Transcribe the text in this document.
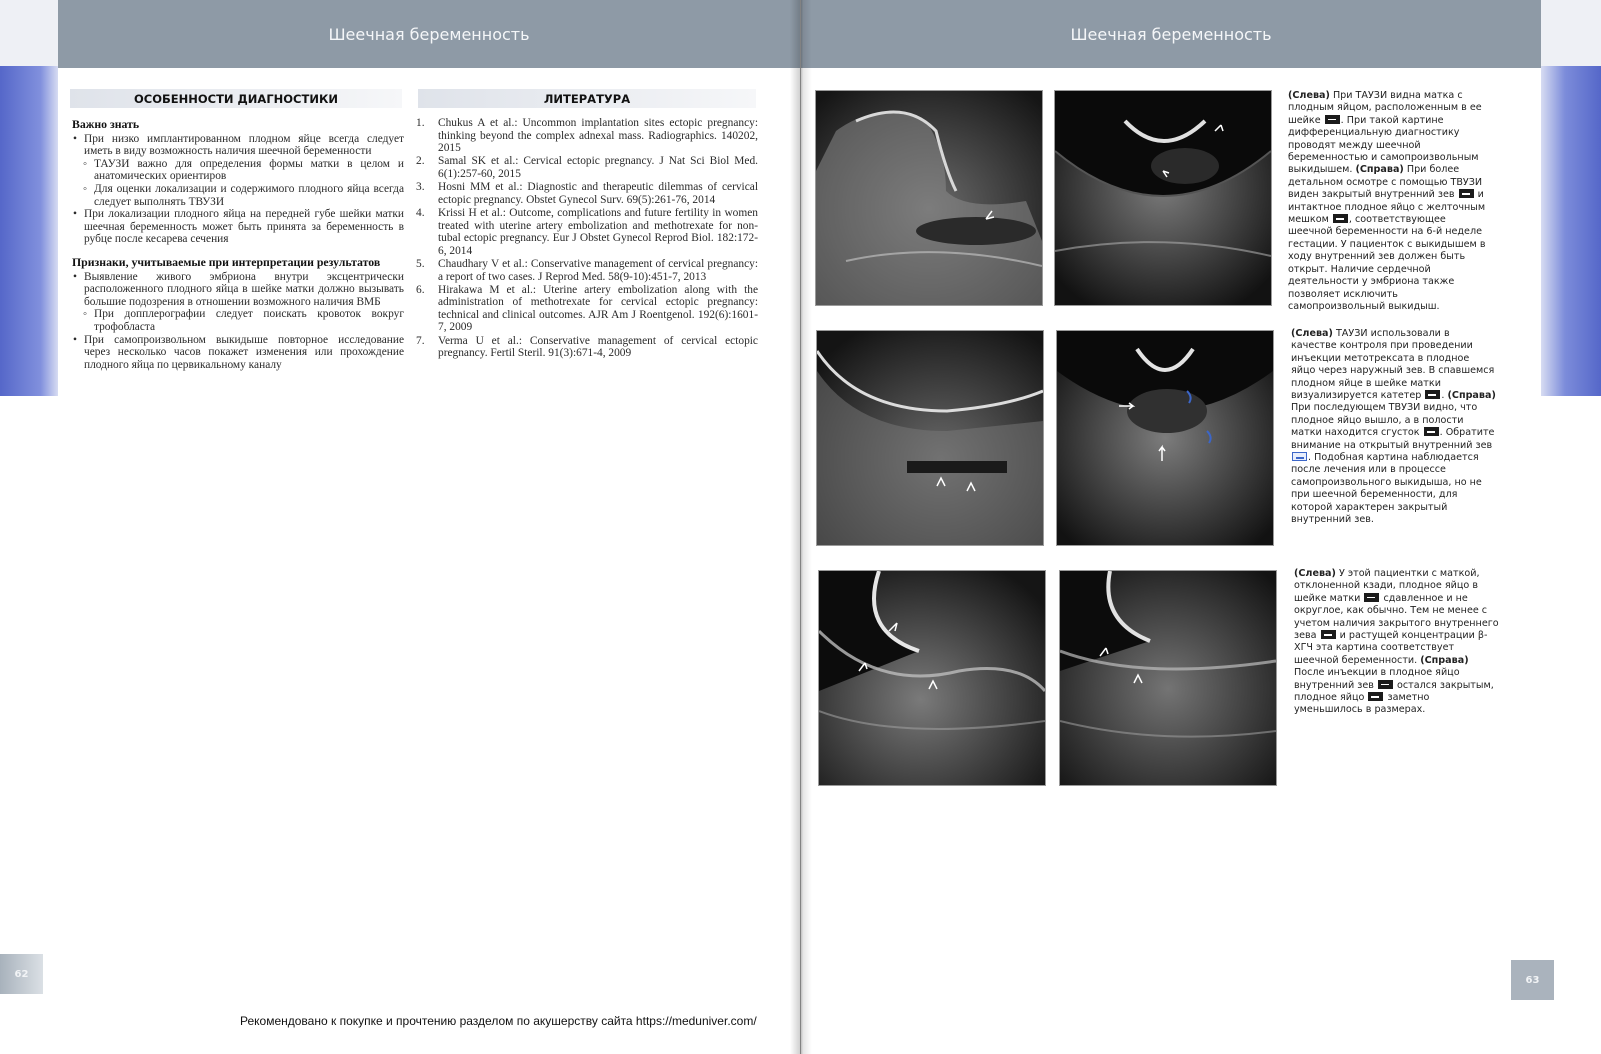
Шеечная беременность
ОСОБЕННОСТИ ДИАГНОСТИКИ	ЛИТЕРАТУРА
Важно знать

• При низко имплантированном плодном яйце всегда следует иметь в виду возможность наличия шеечной беременности

◦ ТАУЗИ важно для определения формы матки в целом и анатомических ориентиров

◦ Для оценки локализации и содержимого плодного яйца всегда следует выполнять ТВУЗИ

• При локализации плодного яйца на передней губе шейки матки шеечная беременность может быть принята за беременность в рубце после кесарева сечения

Признаки, учитываемые при интерпретации результатов

• Выявление живого эмбриона внутри эксцентрически расположенного плодного яйца в шейке матки должно вызывать большие подозрения в отношении возможного наличия ВМБ

◦ При допплерографии следует поискать кровоток вокруг трофобласта

• При самопроизвольном выкидыше повторное исследование через несколько часов покажет изменения или прохождение плодного яйца по цервикальному каналу

1.	Chukus A et al.: Uncommon implantation sites ectopic pregnancy: thinking beyond the complex adnexal mass. Radiographics. 140202, 2015
2.	Samal SK et al.: Cervical ectopic pregnancy. J Nat Sci Biol Med. 6(1):257-60, 2015
3.	Hosni MM et al.: Diagnostic and therapeutic dilemmas of cervical ectopic pregnancy. Obstet Gynecol Surv. 69(5):261-76, 2014
4.	Krissi H et al.: Outcome, complications and future fertility in women treated with uterine artery embolization and methotrexate for non-tubal ectopic pregnancy. Eur J Obstet Gynecol Reprod Biol. 182:172-6, 2014
5.	Chaudhary V et al.: Conservative management of cervical pregnancy: a report of two cases. J Reprod Med. 58(9-10):451-7, 2013
6.	Hirakawa M et al.: Uterine artery embolization along with the administration of methotrexate for cervical ectopic pregnancy: technical and clinical outcomes. AJR Am J Roentgenol. 192(6):1601-7, 2009
7.	Verma U et al.: Conservative management of cervical ectopic pregnancy. Fertil Steril. 91(3):671-4, 2009
62
Шеечная беременность
(Слева) При ТАУЗИ видна матка с плодным яйцом, расположенным в ее шейке . При такой картине дифференциальную диагностику проводят между шеечной беременностью и самопроизвольным выкидышем. (Справа) При более детальном осмотре с помощью ТВУЗИ виден закрытый внутренний зев  и интактное плодное яйцо с желточным мешком , соответствующее шеечной беременности на 6-й неделе гестации. У пациенток с выкидышем в ходу внутренний зев должен быть открыт. Наличие сердечной деятельности у эмбриона также позволяет исключить самопроизвольный выкидыш.
(Слева) ТАУЗИ использовали в качестве контроля при проведении инъекции метотрексата в плодное яйцо через наружный зев. В спавшемся плодном яйце в шейке матки визуализируется катетер . (Справа) При последующем ТВУЗИ видно, что плодное яйцо вышло, а в полости матки находится сгусток . Обратите внимание на открытый внутренний зев . Подобная картина наблюдается после лечения или в процессе самопроизвольного выкидыша, но не при шеечной беременности, для которой характерен закрытый внутренний зев.
(Слева) У этой пациентки с маткой, отклоненной кзади, плодное яйцо в шейке матки  сдавленное и не округлое, как обычно. Тем не менее с учетом наличия закрытого внутреннего зева  и растущей концентрации β-ХГЧ эта картина соответствует шеечной беременности. (Справа) После инъекции в плодное яйцо внутренний зев  остался закрытым, плодное яйцо  заметно уменьшилось в размерах.
63
Рекомендовано к покупке и прочтению разделом по акушерству сайта https://meduniver.com/
